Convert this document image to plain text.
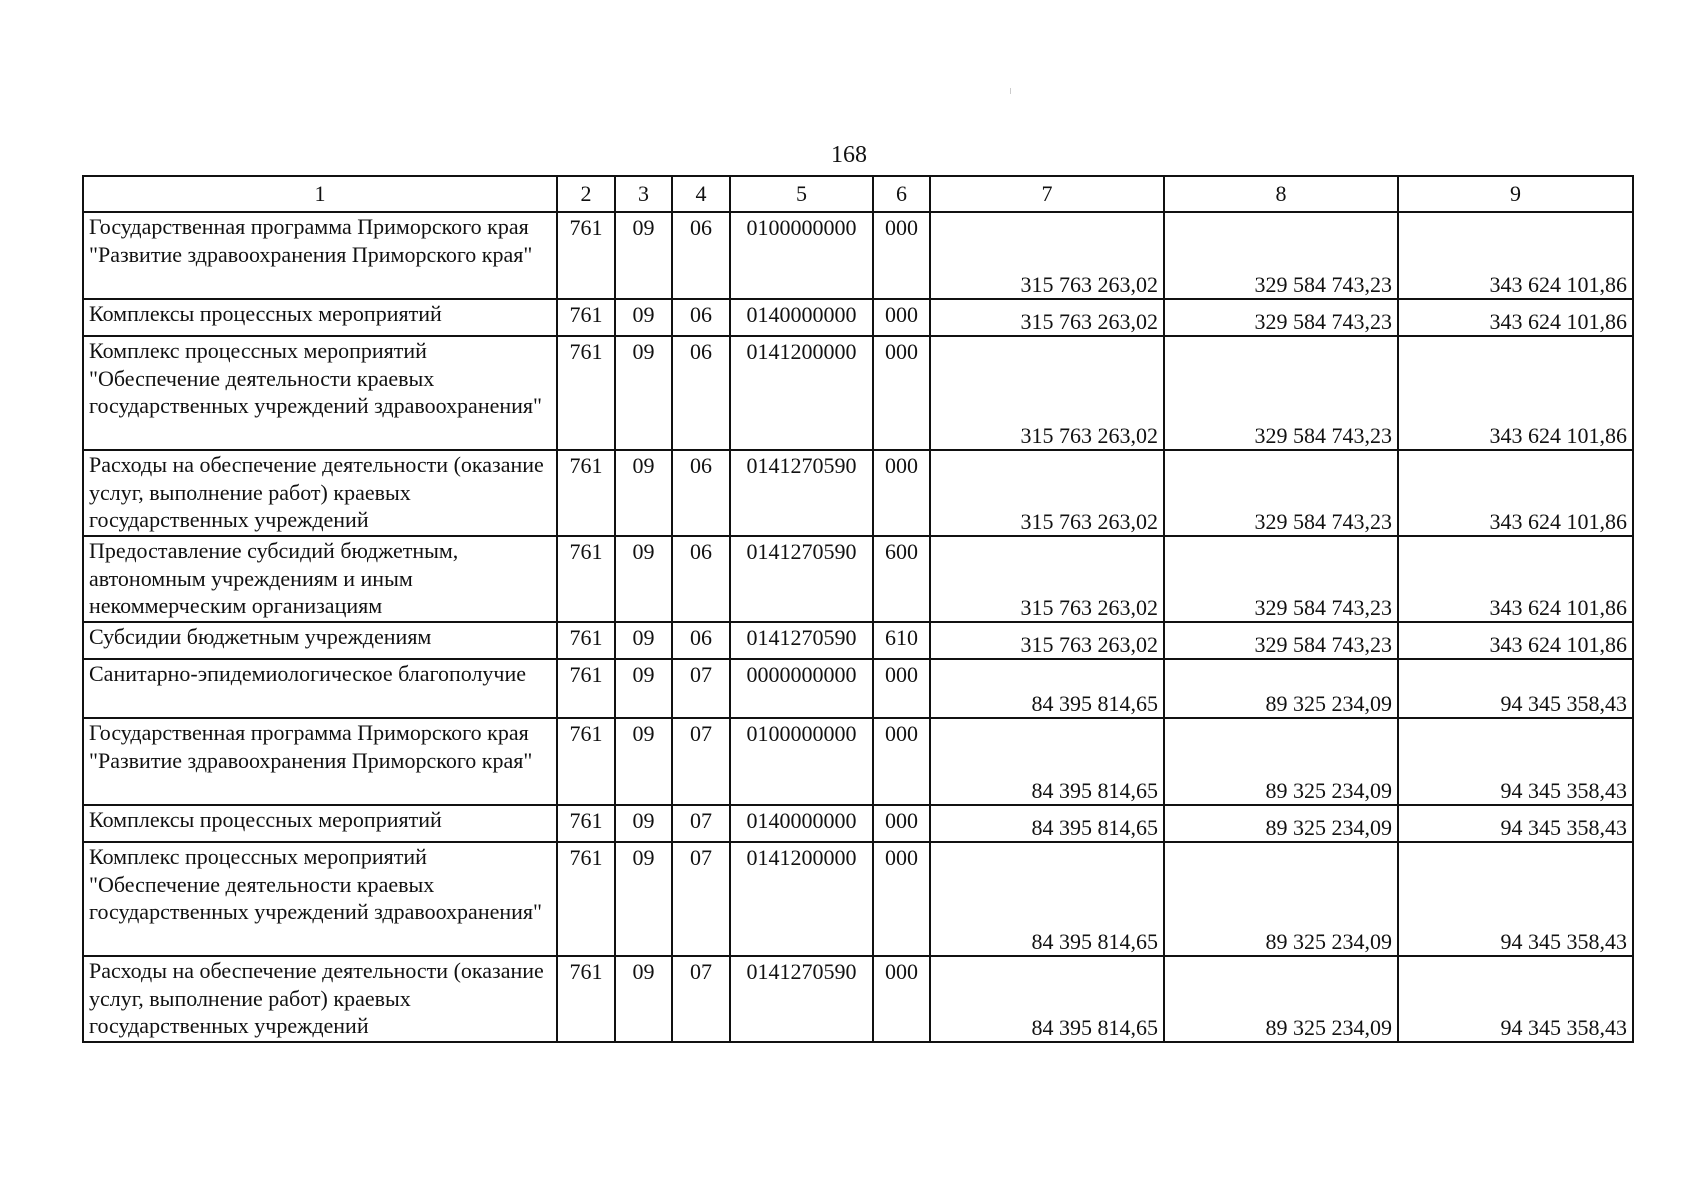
168
1	2	3	4	5	6	7	8	9
Государственная программа Приморского края "Развитие здравоохранения Приморского края"	761	09	06	0100000000	000	315 763 263,02	329 584 743,23	343 624 101,86
Комплексы процессных мероприятий	761	09	06	0140000000	000	315 763 263,02	329 584 743,23	343 624 101,86
Комплекс процессных мероприятий "Обеспечение деятельности краевых государственных учреждений здравоохранения"	761	09	06	0141200000	000	315 763 263,02	329 584 743,23	343 624 101,86
Расходы на обеспечение деятельности (оказание услуг, выполнение работ) краевых государственных учреждений	761	09	06	0141270590	000	315 763 263,02	329 584 743,23	343 624 101,86
Предоставление субсидий бюджетным, автономным учреждениям и иным некоммерческим организациям	761	09	06	0141270590	600	315 763 263,02	329 584 743,23	343 624 101,86
Субсидии бюджетным учреждениям	761	09	06	0141270590	610	315 763 263,02	329 584 743,23	343 624 101,86
Санитарно-эпидемиологическое благополучие	761	09	07	0000000000	000	84 395 814,65	89 325 234,09	94 345 358,43
Государственная программа Приморского края "Развитие здравоохранения Приморского края"	761	09	07	0100000000	000	84 395 814,65	89 325 234,09	94 345 358,43
Комплексы процессных мероприятий	761	09	07	0140000000	000	84 395 814,65	89 325 234,09	94 345 358,43
Комплекс процессных мероприятий "Обеспечение деятельности краевых государственных учреждений здравоохранения"	761	09	07	0141200000	000	84 395 814,65	89 325 234,09	94 345 358,43
Расходы на обеспечение деятельности (оказание услуг, выполнение работ) краевых государственных учреждений	761	09	07	0141270590	000	84 395 814,65	89 325 234,09	94 345 358,43
